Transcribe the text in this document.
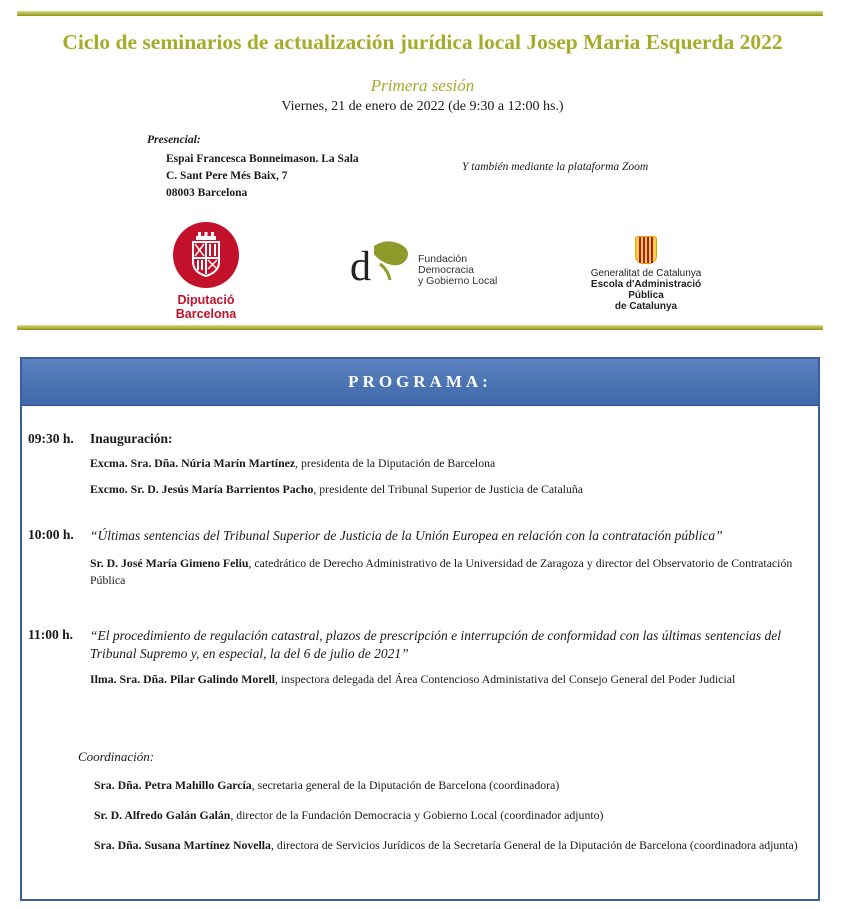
Ciclo de seminarios de actualización jurídica local Josep Maria Esquerda 2022
Primera sesión
Viernes, 21 de enero de 2022 (de 9:30 a 12:00 hs.)
Presencial:
Espai Francesca Bonneimason. La Sala
C. Sant Pere Més Baix, 7
08003 Barcelona
Y también mediante la plataforma Zoom
Diputació
Barcelona
d	Fundación
Democracia
y Gobierno Local
Generalitat de Catalunya
Escola d'Administració Pública
de Catalunya
PROGRAMA:
09:30 h. Inauguración:
Excma. Sra. Dña. Núria Marín Martínez, presidenta de la Diputación de Barcelona
Excmo. Sr. D. Jesús María Barrientos Pacho, presidente del Tribunal Superior de Justicia de Cataluña
10:00 h. “Últimas sentencias del Tribunal Superior de Justicia de la Unión Europea en relación con la contratación pública”
Sr. D. José María Gimeno Feliu, catedrático de Derecho Administrativo de la Universidad de Zaragoza y director del Observatorio de Contratación Pública
11:00 h. “El procedimiento de regulación catastral, plazos de prescripción e interrupción de conformidad con las últimas sentencias del Tribunal Supremo y, en especial, la del 6 de julio de 2021”
Ilma. Sra. Dña. Pilar Galindo Morell, inspectora delegada del Área Contencioso Administativa del Consejo General del Poder Judicial
Coordinación:
Sra. Dña. Petra Mahillo García, secretaria general de la Diputación de Barcelona (coordinadora)
Sr. D. Alfredo Galán Galán, director de la Fundación Democracia y Gobierno Local (coordinador adjunto)
Sra. Dña. Susana Martínez Novella, directora de Servicios Jurídicos de la Secretaría General de la Diputación de Barcelona (coordinadora adjunta)
